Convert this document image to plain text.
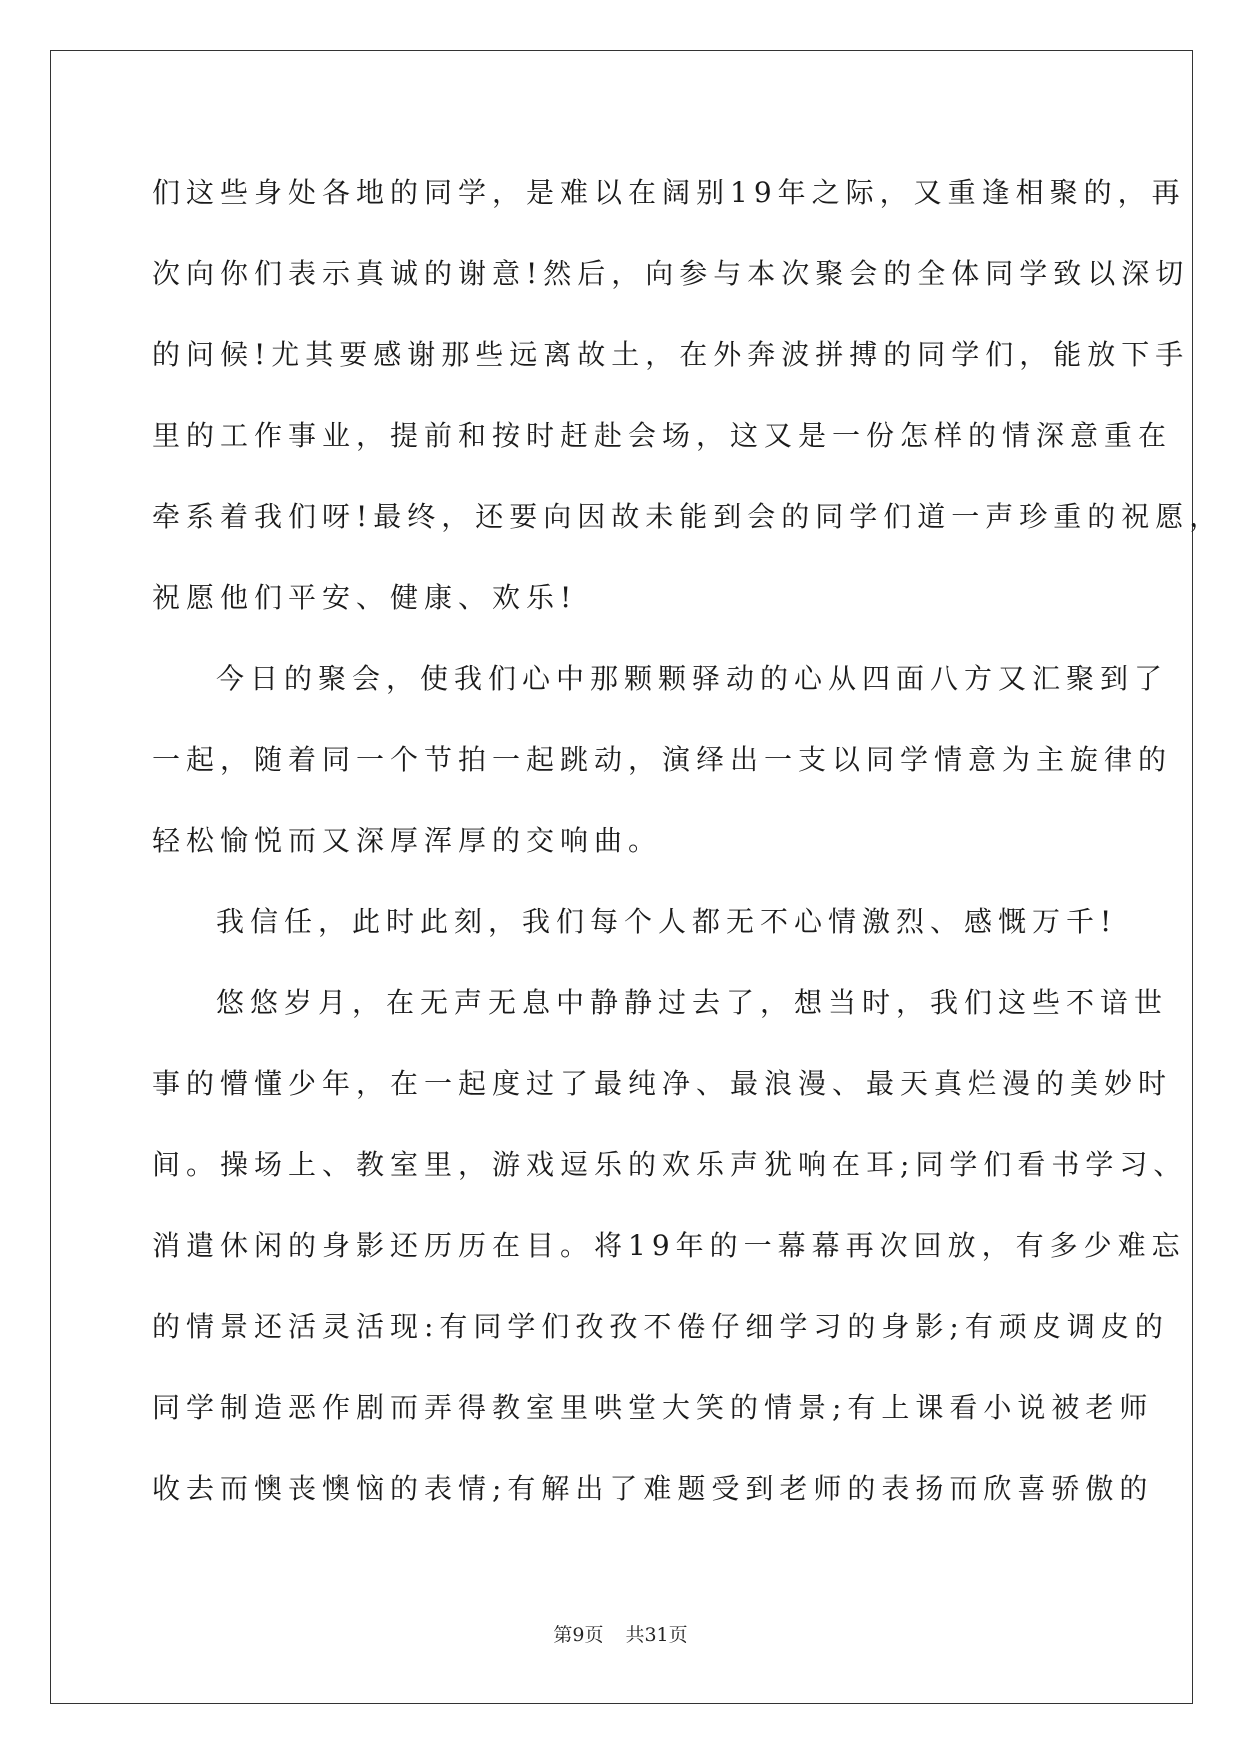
们这些身处各地的同学，是难以在阔别19年之际，又重逢相聚的，再
次向你们表示真诚的谢意!然后，向参与本次聚会的全体同学致以深切
的问候!尤其要感谢那些远离故土，在外奔波拼搏的同学们，能放下手
里的工作事业，提前和按时赶赴会场，这又是一份怎样的情深意重在
牵系着我们呀!最终，还要向因故未能到会的同学们道一声珍重的祝愿，
祝愿他们平安、健康、欢乐!
今日的聚会，使我们心中那颗颗驿动的心从四面八方又汇聚到了
一起，随着同一个节拍一起跳动，演绎出一支以同学情意为主旋律的
轻松愉悦而又深厚浑厚的交响曲。
我信任，此时此刻，我们每个人都无不心情激烈、感慨万千!
悠悠岁月，在无声无息中静静过去了，想当时，我们这些不谙世
事的懵懂少年，在一起度过了最纯净、最浪漫、最天真烂漫的美妙时
间。操场上、教室里，游戏逗乐的欢乐声犹响在耳;同学们看书学习、
消遣休闲的身影还历历在目。将19年的一幕幕再次回放，有多少难忘
的情景还活灵活现:有同学们孜孜不倦仔细学习的身影;有顽皮调皮的
同学制造恶作剧而弄得教室里哄堂大笑的情景;有上课看小说被老师
收去而懊丧懊恼的表情;有解出了难题受到老师的表扬而欣喜骄傲的
第9页 共31页
